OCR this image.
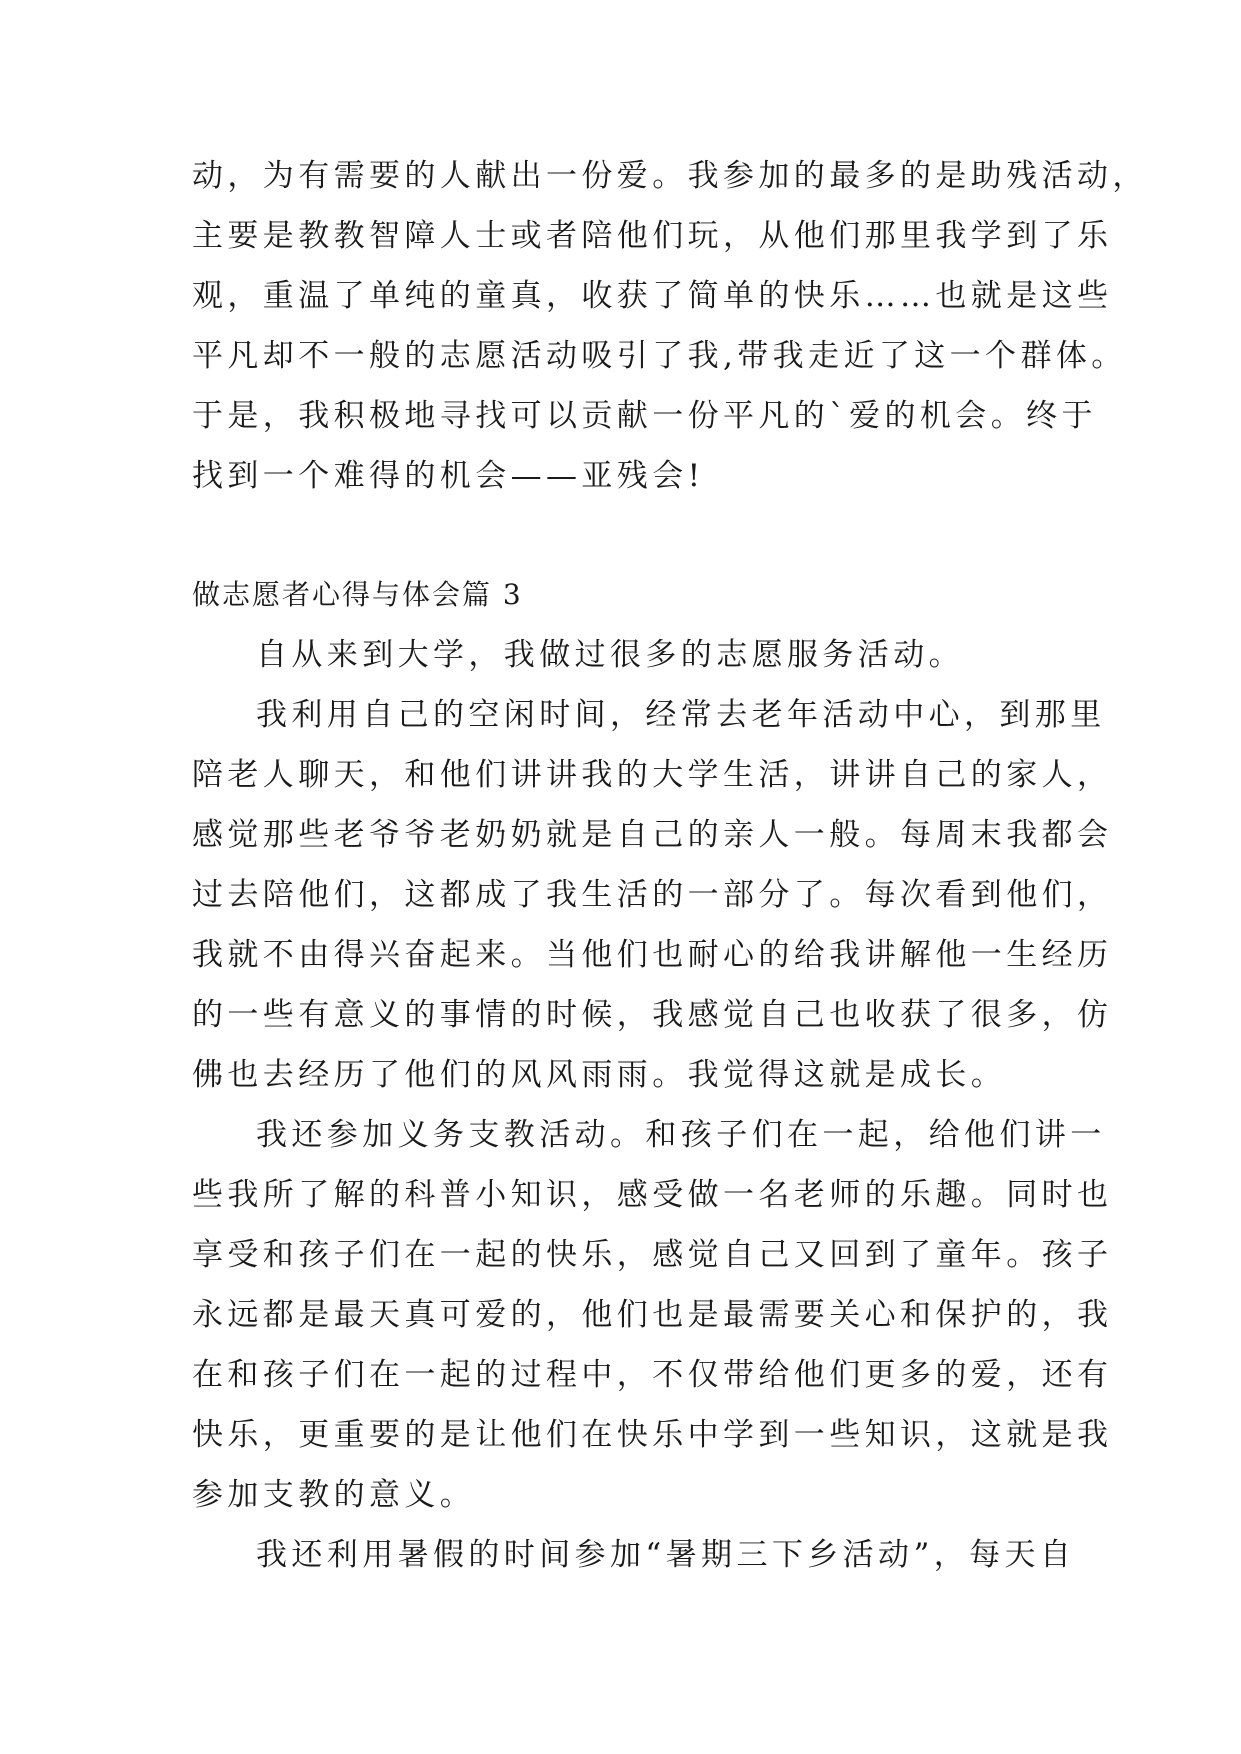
动，为有需要的人献出一份爱。我参加的最多的是助残活动，
主要是教教智障人士或者陪他们玩，从他们那里我学到了乐
观，重温了单纯的童真，收获了简单的快乐……也就是这些
平凡却不一般的志愿活动吸引了我,带我走近了这一个群体。
于是，我积极地寻找可以贡献一份平凡的`爱的机会。终于
找到一个难得的机会——亚残会!
做志愿者心得与体会篇 3
自从来到大学，我做过很多的志愿服务活动。
我利用自己的空闲时间，经常去老年活动中心，到那里
陪老人聊天，和他们讲讲我的大学生活，讲讲自己的家人，
感觉那些老爷爷老奶奶就是自己的亲人一般。每周末我都会
过去陪他们，这都成了我生活的一部分了。每次看到他们，
我就不由得兴奋起来。当他们也耐心的给我讲解他一生经历
的一些有意义的事情的时候，我感觉自己也收获了很多，仿
佛也去经历了他们的风风雨雨。我觉得这就是成长。
我还参加义务支教活动。和孩子们在一起，给他们讲一
些我所了解的科普小知识，感受做一名老师的乐趣。同时也
享受和孩子们在一起的快乐，感觉自己又回到了童年。孩子
永远都是最天真可爱的，他们也是最需要关心和保护的，我
在和孩子们在一起的过程中，不仅带给他们更多的爱，还有
快乐，更重要的是让他们在快乐中学到一些知识，这就是我
参加支教的意义。
我还利用暑假的时间参加“暑期三下乡活动”，每天自
